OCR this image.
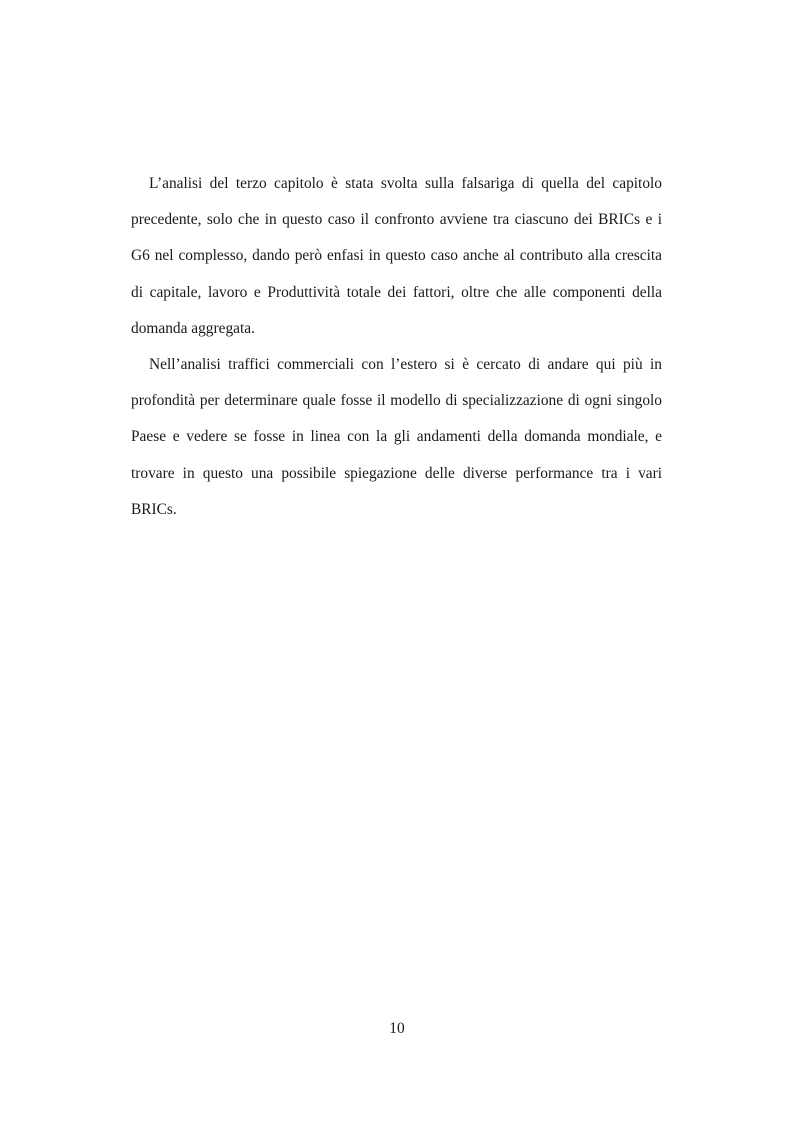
L’analisi del terzo capitolo è stata svolta sulla falsariga di quella del capitolo precedente, solo che in questo caso il confronto avviene tra ciascuno dei BRICs e i G6 nel complesso, dando però enfasi in questo caso anche al contributo alla crescita di capitale, lavoro e Produttività totale dei fattori, oltre che alle componenti della domanda aggregata.

Nell’analisi traffici commerciali con l’estero si è cercato di andare qui più in profondità per determinare quale fosse il modello di specializzazione di ogni singolo Paese e vedere se fosse in linea con la gli andamenti della domanda mondiale, e trovare in questo una possibile spiegazione delle diverse performance tra i vari BRICs.

10
